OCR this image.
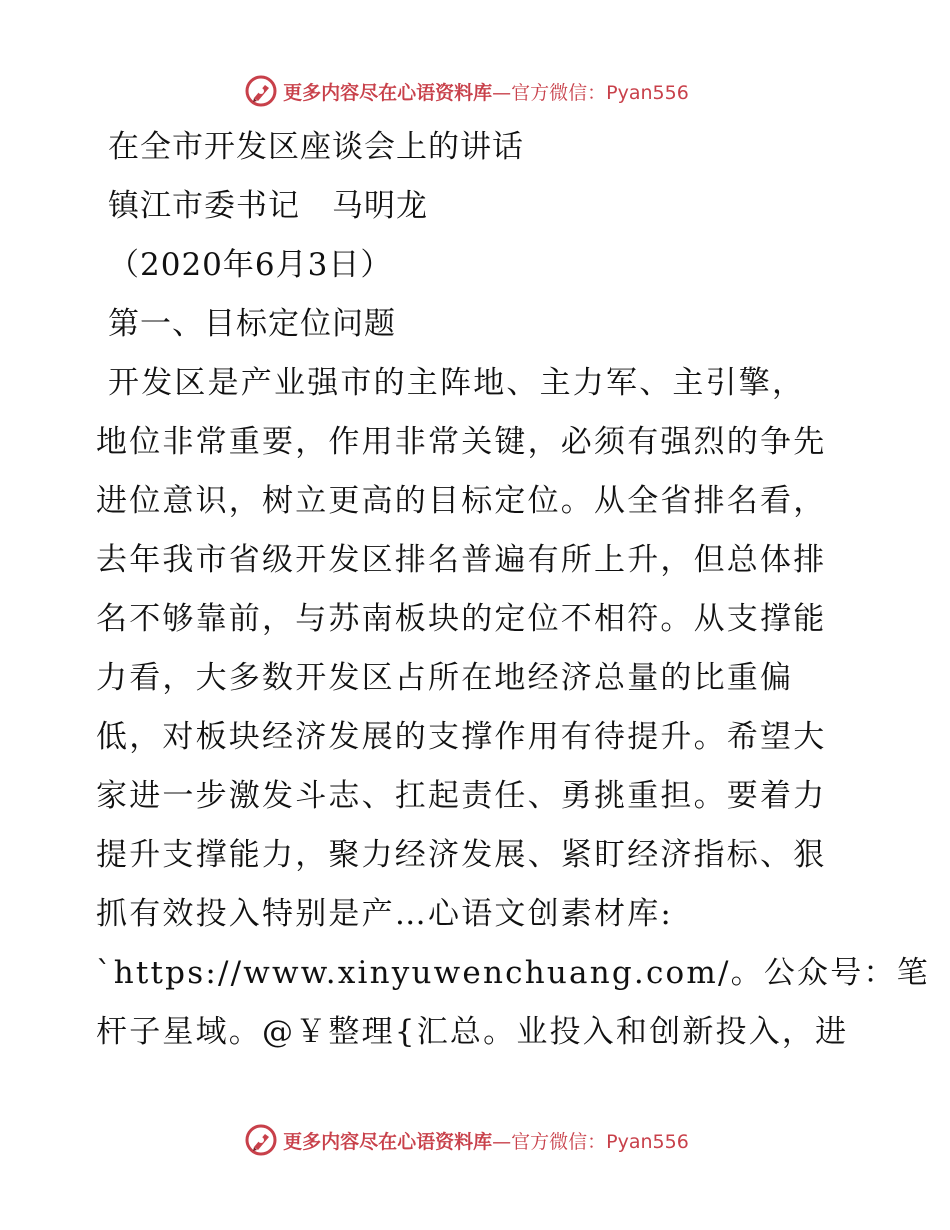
更多内容尽在心语资料库—官方微信：Pyan556
在全市开发区座谈会上的讲话
镇江市委书记　马明龙
（2020年6月3日）
第一、目标定位问题
开发区是产业强市的主阵地、主力军、主引擎，
地位非常重要，作用非常关键，必须有强烈的争先
进位意识，树立更高的目标定位。从全省排名看，
去年我市省级开发区排名普遍有所上升，但总体排
名不够靠前，与苏南板块的定位不相符。从支撑能
力看，大多数开发区占所在地经济总量的比重偏
低，对板块经济发展的支撑作用有待提升。希望大
家进一步激发斗志、扛起责任、勇挑重担。要着力
提升支撑能力，聚力经济发展、紧盯经济指标、狠
抓有效投入特别是产…心语文创素材库:
`https://www.xinyuwenchuang.com/。公众号：笔
杆子星域。@￥整理{汇总。业投入和创新投入，进
更多内容尽在心语资料库—官方微信：Pyan556
